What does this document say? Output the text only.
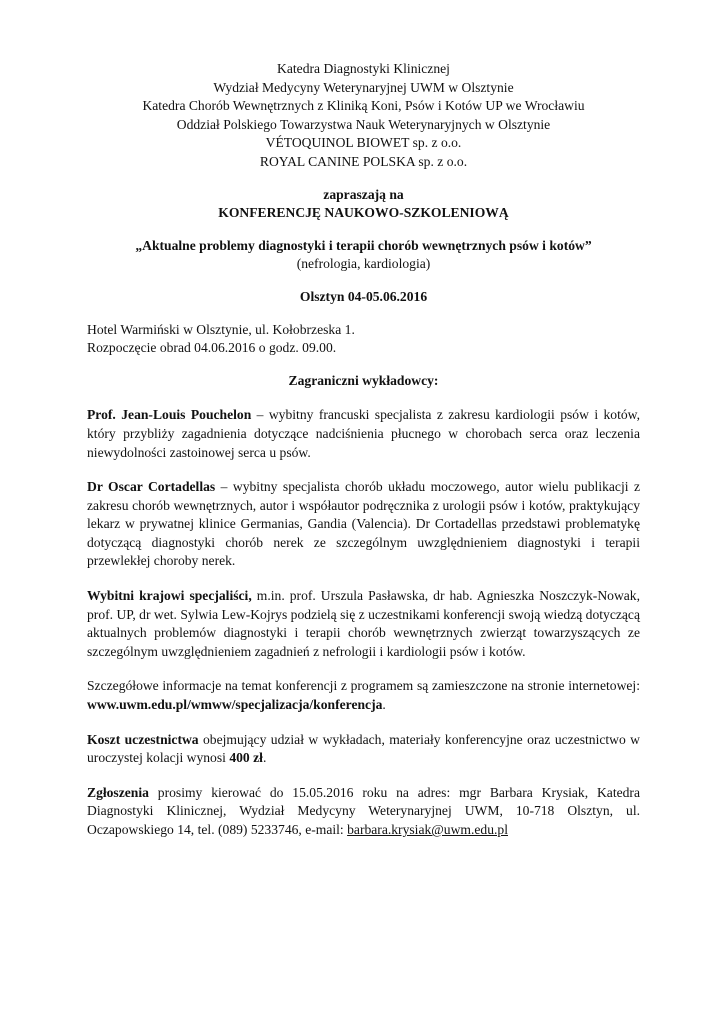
Katedra Diagnostyki Klinicznej
Wydział Medycyny Weterynaryjnej UWM w Olsztynie
Katedra Chorób Wewnętrznych z Kliniką Koni, Psów i Kotów UP we Wrocławiu
Oddział Polskiego Towarzystwa Nauk Weterynaryjnych w Olsztynie
VÉTOQUINOL BIOWET sp. z o.o.
ROYAL CANINE POLSKA sp. z o.o.
zapraszają na
KONFERENCJĘ NAUKOWO-SZKOLENIOWĄ
„Aktualne problemy diagnostyki i terapii chorób wewnętrznych psów i kotów”
(nefrologia, kardiologia)
Olsztyn 04-05.06.2016
Hotel Warmiński w Olsztynie, ul. Kołobrzeska 1.
Rozpoczęcie obrad 04.06.2016 o godz. 09.00.
Zagraniczni wykładowcy:

Prof. Jean-Louis Pouchelon – wybitny francuski specjalista z zakresu kardiologii psów i kotów, który przybliży zagadnienia dotyczące nadciśnienia płucnego w chorobach serca oraz leczenia niewydolności zastoinowej serca u psów.

Dr Oscar Cortadellas – wybitny specjalista chorób układu moczowego, autor wielu publikacji z zakresu chorób wewnętrznych, autor i współautor podręcznika z urologii psów i kotów, praktykujący lekarz w prywatnej klinice Germanias, Gandia (Valencia). Dr Cortadellas przedstawi problematykę dotyczącą diagnostyki chorób nerek ze szczególnym uwzględnieniem diagnostyki i terapii przewlekłej choroby nerek.

Wybitni krajowi specjaliści, m.in. prof. Urszula Pasławska, dr hab. Agnieszka Noszczyk-Nowak, prof. UP, dr wet. Sylwia Lew-Kojrys podzielą się z uczestnikami konferencji swoją wiedzą dotyczącą aktualnych problemów diagnostyki i terapii chorób wewnętrznych zwierząt towarzyszących ze szczególnym uwzględnieniem zagadnień z nefrologii i kardiologii psów i kotów.

Szczegółowe informacje na temat konferencji z programem są zamieszczone na stronie internetowej: www.uwm.edu.pl/wmww/specjalizacja/konferencja.

Koszt uczestnictwa obejmujący udział w wykładach, materiały konferencyjne oraz uczestnictwo w uroczystej kolacji wynosi 400 zł.

Zgłoszenia prosimy kierować do 15.05.2016 roku na adres: mgr Barbara Krysiak, Katedra Diagnostyki Klinicznej, Wydział Medycyny Weterynaryjnej UWM, 10-718 Olsztyn, ul. Oczapowskiego 14, tel. (089) 5233746, e-mail: barbara.krysiak@uwm.edu.pl
